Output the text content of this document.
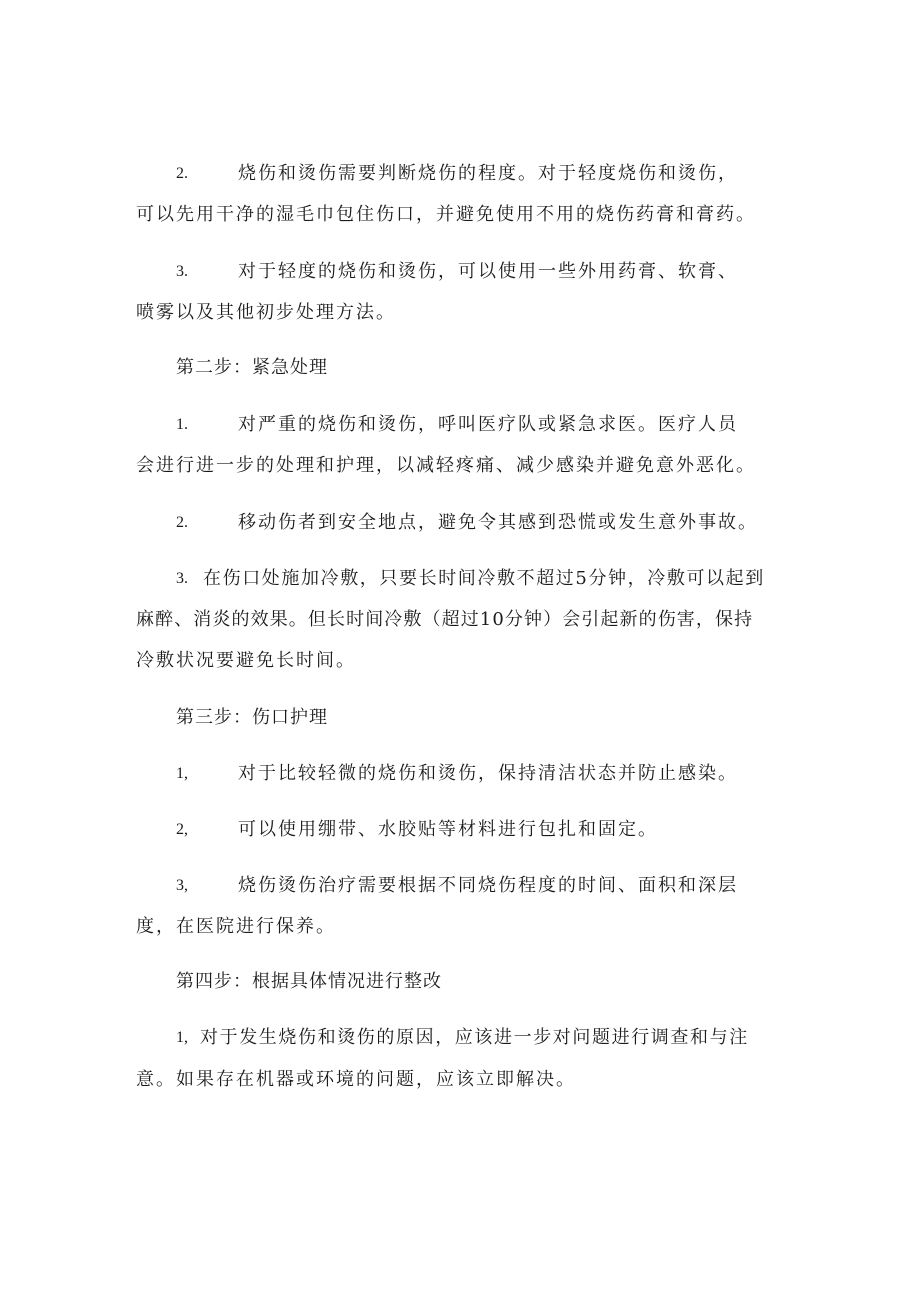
2.	烧伤和烫伤需要判断烧伤的程度。对于轻度烧伤和烫伤，
可以先用干净的湿毛巾包住伤口，并避免使用不用的烧伤药膏和膏药。
3.	对于轻度的烧伤和烫伤，可以使用一些外用药膏、软膏、
喷雾以及其他初步处理方法。
第二步：紧急处理
1.	对严重的烧伤和烫伤，呼叫医疗队或紧急求医。医疗人员
会进行进一步的处理和护理，以减轻疼痛、减少感染并避免意外恶化。
2.	移动伤者到安全地点，避免令其感到恐慌或发生意外事故。
3. 在伤口处施加冷敷，只要长时间冷敷不超过5分钟，冷敷可以起到
麻醉、消炎的效果。但长时间冷敷（超过10分钟）会引起新的伤害，保持
冷敷状况要避免长时间。
第三步：伤口护理
1,	对于比较轻微的烧伤和烫伤，保持清洁状态并防止感染。
2,	可以使用绷带、水胶贴等材料进行包扎和固定。
3,	烧伤烫伤治疗需要根据不同烧伤程度的时间、面积和深层
度，在医院进行保养。
第四步：根据具体情况进行整改
1, 对于发生烧伤和烫伤的原因，应该进一步对问题进行调查和与注
意。如果存在机器或环境的问题，应该立即解决。
